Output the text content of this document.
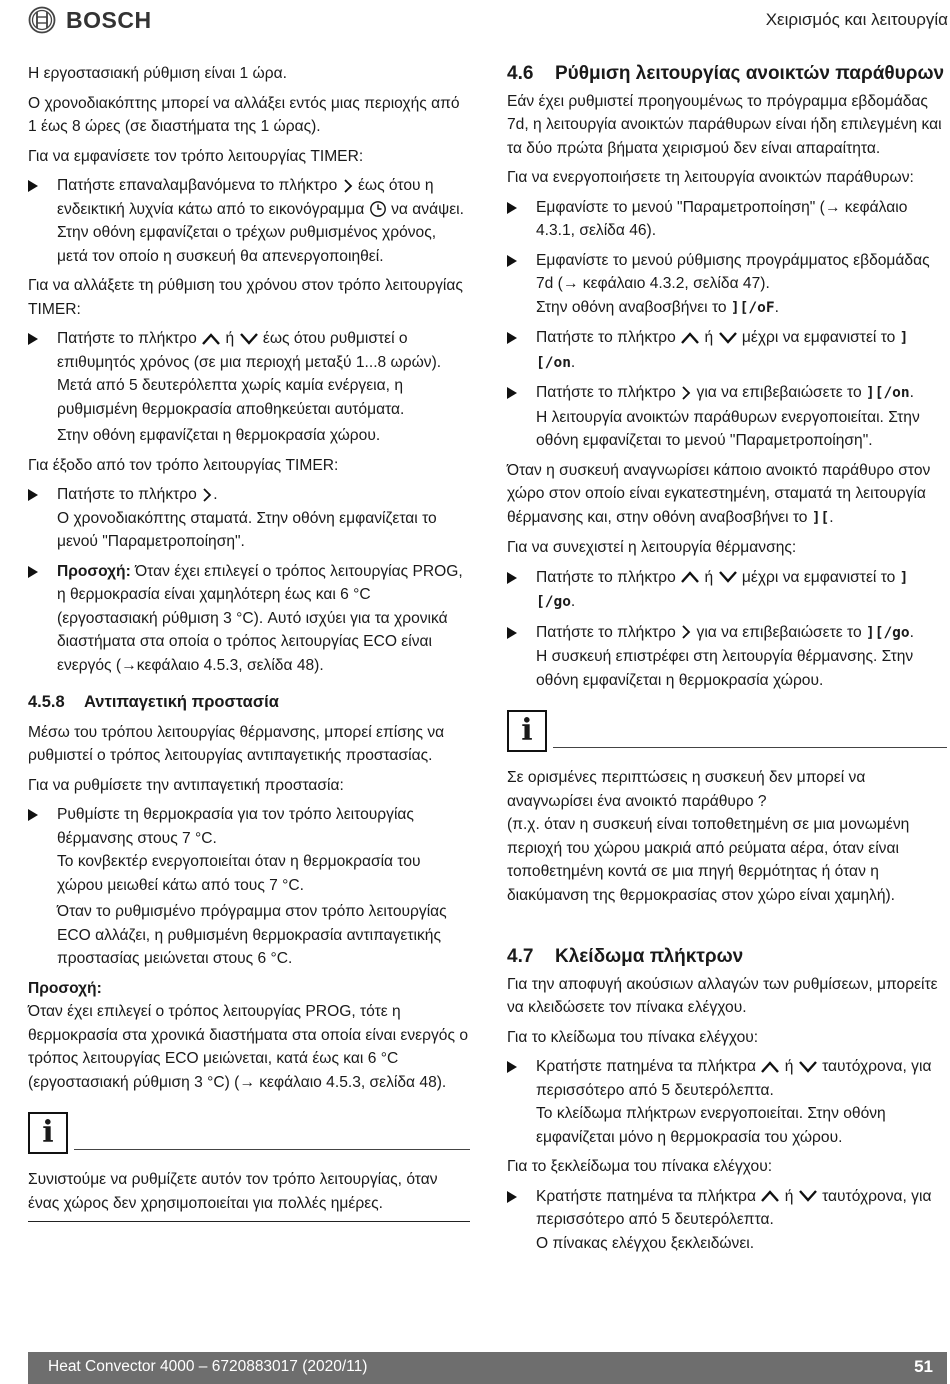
BOSCH	Χειρισμός και λειτουργία

Η εργοστασιακή ρύθμιση είναι 1 ώρα.

Ο χρονοδιακόπτης μπορεί να αλλάξει εντός μιας περιοχής από 1 έως 8 ώρες (σε διαστήματα της 1 ώρας).

Για να εμφανίσετε τον τρόπο λειτουργίας TIMER:

Πατήστε επαναλαμβανόμενα το πλήκτρο έως ότου η ενδεικτική λυχνία κάτω από το εικονόγραμμα να ανάψει.
Στην οθόνη εμφανίζεται ο τρέχων ρυθμισμένος χρόνος, μετά τον οποίο η συσκευή θα απενεργοποιηθεί.

Για να αλλάξετε τη ρύθμιση του χρόνου στον τρόπο λειτουργίας TIMER:

Πατήστε το πλήκτρο ή έως ότου ρυθμιστεί ο επιθυμητός χρόνος (σε μια περιοχή μεταξύ 1...8 ωρών).
Μετά από 5 δευτερόλεπτα χωρίς καμία ενέργεια, η ρυθμισμένη θερμοκρασία αποθηκεύεται αυτόματα.
Στην οθόνη εμφανίζεται η θερμοκρασία χώρου.

Για έξοδο από τον τρόπο λειτουργίας TIMER:

Πατήστε το πλήκτρο .
Ο χρονοδιακόπτης σταματά. Στην οθόνη εμφανίζεται το μενού "Παραμετροποίηση".
Προσοχή: Όταν έχει επιλεγεί ο τρόπος λειτουργίας PROG, η θερμοκρασία είναι χαμηλότερη έως και 6 °C (εργοστασιακή ρύθμιση 3 °C). Αυτό ισχύει για τα χρονικά διαστήματα στα οποία ο τρόπος λειτουργίας ECO είναι ενεργός (→κεφάλαιο 4.5.3, σελίδα 48).
4.5.8 Αντιπαγετική προστασία

Μέσω του τρόπου λειτουργίας θέρμανσης, μπορεί επίσης να ρυθμιστεί ο τρόπος λειτουργίας αντιπαγετικής προστασίας.

Για να ρυθμίσετε την αντιπαγετική προστασία:

Ρυθμίστε τη θερμοκρασία για τον τρόπο λειτουργίας θέρμανσης στους 7 °C.
Το κονβεκτέρ ενεργοποιείται όταν η θερμοκρασία του χώρου μειωθεί κάτω από τους 7 °C.
Όταν το ρυθμισμένο πρόγραμμα στον τρόπο λειτουργίας ECO αλλάζει, η ρυθμισμένη θερμοκρασία αντιπαγετικής προστασίας μειώνεται στους 6 °C.

Προσοχή:

Όταν έχει επιλεγεί ο τρόπος λειτουργίας PROG, τότε η θερμοκρασία στα χρονικά διαστήματα στα οποία είναι ενεργός ο τρόπος λειτουργίας ECO μειώνεται, κατά έως και 6 °C (εργοστασιακή ρύθμιση 3 °C) (→ κεφάλαιο 4.5.3, σελίδα 48).

i

Συνιστούμε να ρυθμίζετε αυτόν τον τρόπο λειτουργίας, όταν ένας χώρος δεν χρησιμοποιείται για πολλές ημέρες.

4.6 Ρύθμιση λειτουργίας ανοικτών παράθυρων

Εάν έχει ρυθμιστεί προηγουμένως το πρόγραμμα εβδομάδας 7d, η λειτουργία ανοικτών παράθυρων είναι ήδη επιλεγμένη και τα δύο πρώτα βήματα χειρισμού δεν είναι απαραίτητα.

Για να ενεργοποιήσετε τη λειτουργία ανοικτών παράθυρων:

Εμφανίστε το μενού "Παραμετροποίηση" (→ κεφάλαιο 4.3.1, σελίδα 46).
Εμφανίστε το μενού ρύθμισης προγράμματος εβδομάδας 7d (→ κεφάλαιο 4.3.2, σελίδα 47).
Στην οθόνη αναβοσβήνει το ][/oF.
Πατήστε το πλήκτρο ή μέχρι να εμφανιστεί το ][/on.
Πατήστε το πλήκτρο για να επιβεβαιώσετε το ][/on.
Η λειτουργία ανοικτών παράθυρων ενεργοποιείται. Στην οθόνη εμφανίζεται το μενού "Παραμετροποίηση".

Όταν η συσκευή αναγνωρίσει κάποιο ανοικτό παράθυρο στον χώρο στον οποίο είναι εγκατεστημένη, σταματά τη λειτουργία θέρμανσης και, στην οθόνη αναβοσβήνει το ][.

Για να συνεχιστεί η λειτουργία θέρμανσης:

Πατήστε το πλήκτρο ή μέχρι να εμφανιστεί το ][/go.
Πατήστε το πλήκτρο για να επιβεβαιώσετε το ][/go.
Η συσκευή επιστρέφει στη λειτουργία θέρμανσης. Στην οθόνη εμφανίζεται η θερμοκρασία χώρου.
i

Σε ορισμένες περιπτώσεις η συσκευή δεν μπορεί να αναγνωρίσει ένα ανοικτό παράθυρο ?

(π.χ. όταν η συσκευή είναι τοποθετημένη σε μια μονωμένη περιοχή του χώρου μακριά από ρεύματα αέρα, όταν είναι τοποθετημένη κοντά σε μια πηγή θερμότητας ή όταν η διακύμανση της θερμοκρασίας στον χώρο είναι χαμηλή).

4.7 Κλείδωμα πλήκτρων

Για την αποφυγή ακούσιων αλλαγών των ρυθμίσεων, μπορείτε να κλειδώσετε τον πίνακα ελέγχου.

Για το κλείδωμα του πίνακα ελέγχου:

Κρατήστε πατημένα τα πλήκτρα ή ταυτόχρονα, για περισσότερο από 5 δευτερόλεπτα.
Το κλείδωμα πλήκτρων ενεργοποιείται. Στην οθόνη εμφανίζεται μόνο η θερμοκρασία του χώρου.

Για το ξεκλείδωμα του πίνακα ελέγχου:

Κρατήστε πατημένα τα πλήκτρα ή ταυτόχρονα, για περισσότερο από 5 δευτερόλεπτα.
Ο πίνακας ελέγχου ξεκλειδώνει.
Heat Convector 4000 – 6720883017 (2020/11)	51
